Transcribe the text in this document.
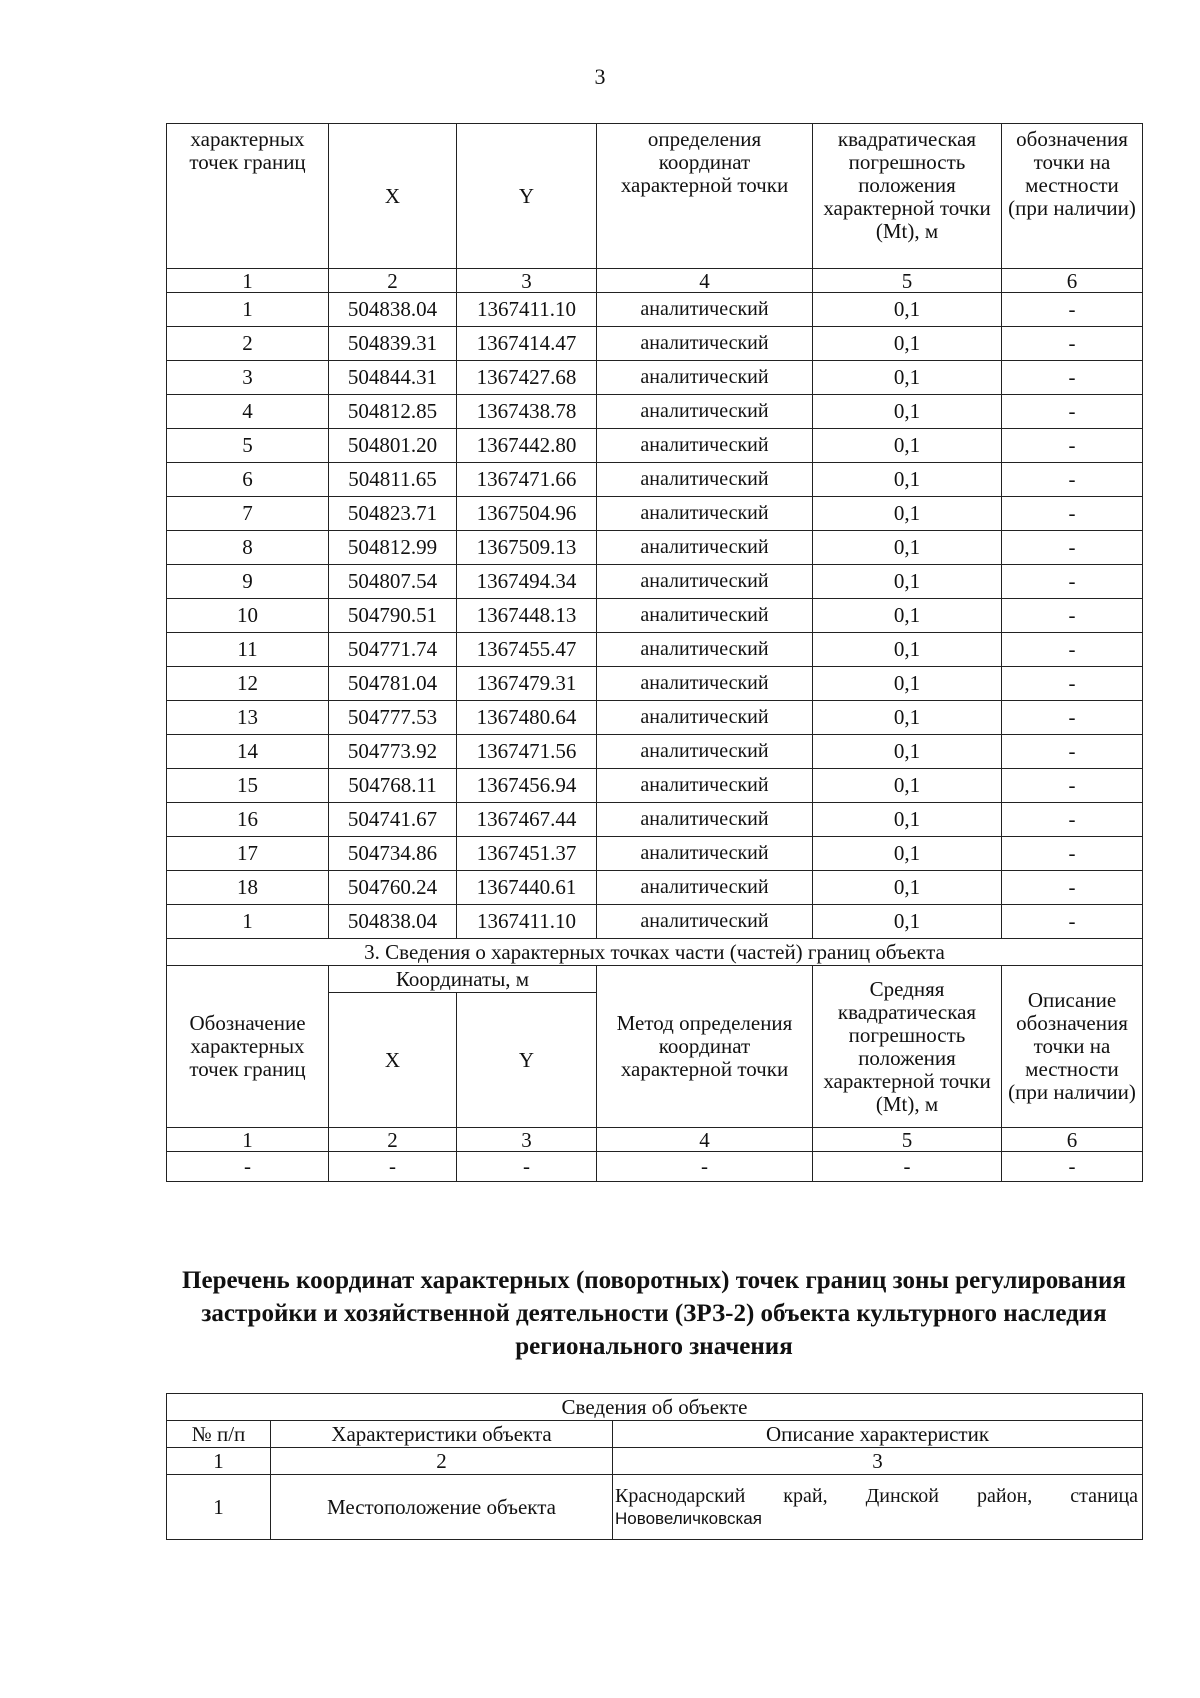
3
характерных точек границ	X	Y	определения координат характерной точки	квадратическая погрешность положения характерной точки (Mt), м	обозначения точки на местности (при наличии)
1	2	3	4	5	6
1	504838.04	1367411.10	аналитический	0,1	-
2	504839.31	1367414.47	аналитический	0,1	-
3	504844.31	1367427.68	аналитический	0,1	-
4	504812.85	1367438.78	аналитический	0,1	-
5	504801.20	1367442.80	аналитический	0,1	-
6	504811.65	1367471.66	аналитический	0,1	-
7	504823.71	1367504.96	аналитический	0,1	-
8	504812.99	1367509.13	аналитический	0,1	-
9	504807.54	1367494.34	аналитический	0,1	-
10	504790.51	1367448.13	аналитический	0,1	-
11	504771.74	1367455.47	аналитический	0,1	-
12	504781.04	1367479.31	аналитический	0,1	-
13	504777.53	1367480.64	аналитический	0,1	-
14	504773.92	1367471.56	аналитический	0,1	-
15	504768.11	1367456.94	аналитический	0,1	-
16	504741.67	1367467.44	аналитический	0,1	-
17	504734.86	1367451.37	аналитический	0,1	-
18	504760.24	1367440.61	аналитический	0,1	-
1	504838.04	1367411.10	аналитический	0,1	-
3. Сведения о характерных точках части (частей) границ объекта					
Обозначение характерных точек границ	Координаты, м		Метод определения координат характерной точки	Средняя квадратическая погрешность положения характерной точки (Mt), м	Описание обозначения точки на местности (при наличии)
	X	Y			
1	2	3	4	5	6
-	-	-	-	-	-
Перечень координат характерных (поворотных) точек границ зоны регулирования застройки и хозяйственной деятельности (ЗРЗ-2) объекта культурного наследия регионального значения
Сведения об объекте		
№ п/п	Характеристики объекта	Описание характеристик
1	2	3
1	Местоположение объекта	Краснодарский край, Динской район, станица
Нововеличковская
